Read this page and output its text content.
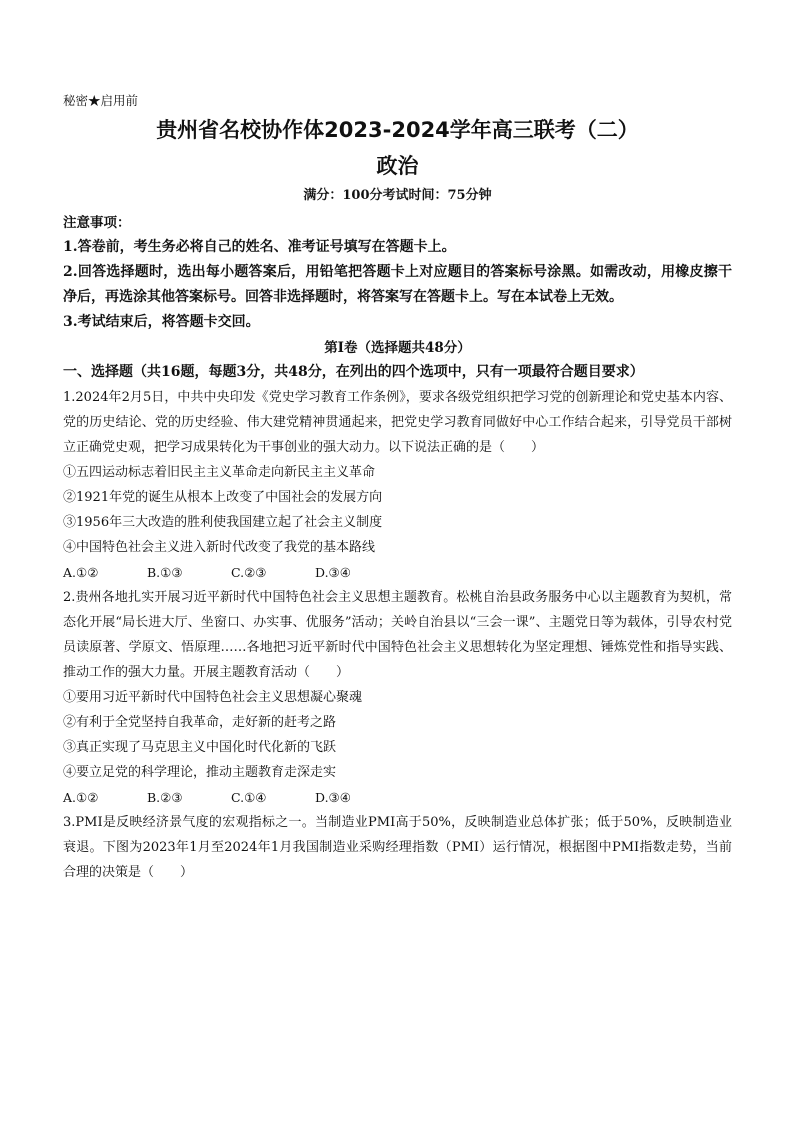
秘密★启用前
贵州省名校协作体2023-2024学年高三联考（二）
政治
满分：100分考试时间：75分钟
注意事项：
1.答卷前，考生务必将自己的姓名、准考证号填写在答题卡上。
2.回答选择题时，选出每小题答案后，用铅笔把答题卡上对应题目的答案标号涂黑。如需改动，用橡皮擦干净后，再选涂其他答案标号。回答非选择题时，将答案写在答题卡上。写在本试卷上无效。
3.考试结束后，将答题卡交回。
第Ⅰ卷（选择题共48分）
一、选择题（共16题，每题3分，共48分，在列出的四个选项中，只有一项最符合题目要求）
1.2024年2月5日，中共中央印发《党史学习教育工作条例》，要求各级党组织把学习党的创新理论和党史基本内容、党的历史结论、党的历史经验、伟大建党精神贯通起来，把党史学习教育同做好中心工作结合起来，引导党员干部树立正确党史观，把学习成果转化为干事创业的强大动力。以下说法正确的是（　　）
①五四运动标志着旧民主主义革命走向新民主主义革命
②1921年党的诞生从根本上改变了中国社会的发展方向
③1956年三大改造的胜利使我国建立起了社会主义制度
④中国特色社会主义进入新时代改变了我党的基本路线
A.①②	B.①③	C.②③	D.③④
2.贵州各地扎实开展习近平新时代中国特色社会主义思想主题教育。松桃自治县政务服务中心以主题教育为契机，常态化开展“局长进大厅、坐窗口、办实事、优服务”活动；关岭自治县以“三会一课”、主题党日等为载体，引导农村党员读原著、学原文、悟原理……各地把习近平新时代中国特色社会主义思想转化为坚定理想、锤炼党性和指导实践、推动工作的强大力量。开展主题教育活动（　　）
①要用习近平新时代中国特色社会主义思想凝心聚魂
②有利于全党坚持自我革命，走好新的赶考之路
③真正实现了马克思主义中国化时代化新的飞跃
④要立足党的科学理论，推动主题教育走深走实
A.①②	B.②③	C.①④	D.③④
3.PMI是反映经济景气度的宏观指标之一。当制造业PMI高于50%，反映制造业总体扩张；低于50%，反映制造业衰退。下图为2023年1月至2024年1月我国制造业采购经理指数（PMI）运行情况，根据图中PMI指数走势，当前合理的决策是（　　）
